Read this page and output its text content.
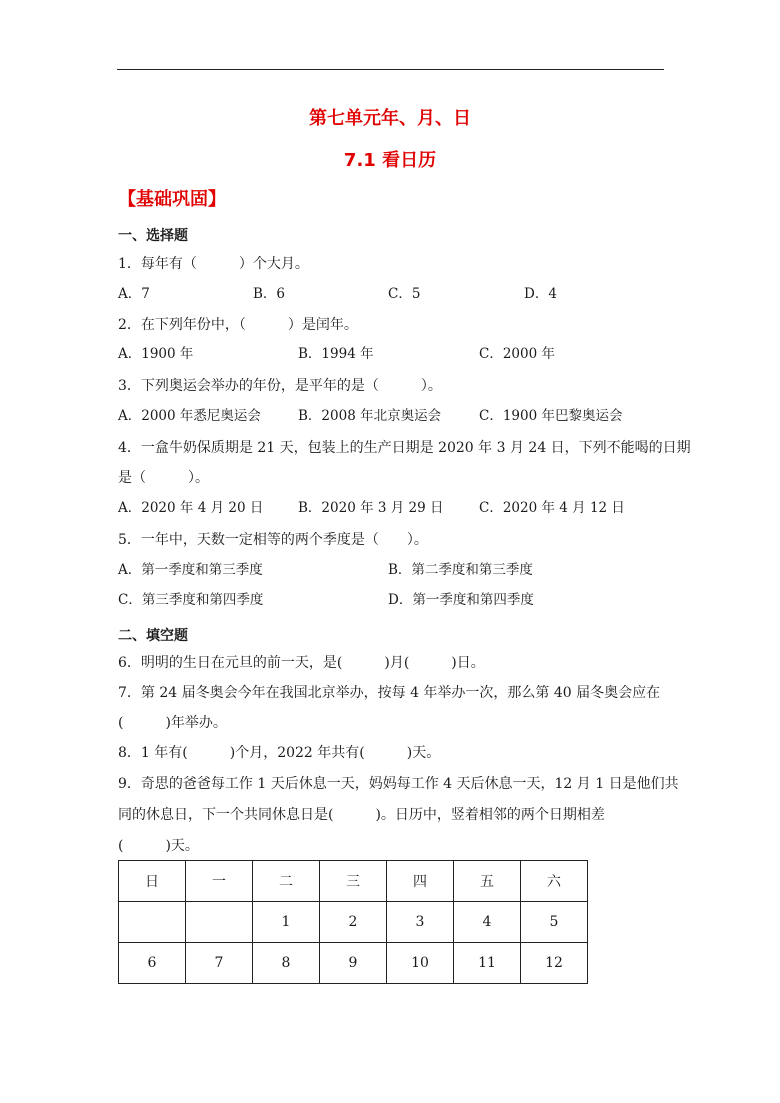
第七单元年、月、日
7.1 看日历
【基础巩固】
一、选择题
1．每年有（　　　）个大月。
A．7	B．6	C．5	D．4
2．在下列年份中，（　　　）是闰年。
A．1900 年	B．1994 年	C．2000 年
3．下列奥运会举办的年份，是平年的是（　　　）。
A．2000 年悉尼奥运会	B．2008 年北京奥运会	C．1900 年巴黎奥运会
4．一盒牛奶保质期是 21 天，包装上的生产日期是 2020 年 3 月 24 日，下列不能喝的日期
是（　　　）。
A．2020 年 4 月 20 日	B．2020 年 3 月 29 日	C．2020 年 4 月 12 日
5．一年中，天数一定相等的两个季度是（　　）。
A．第一季度和第三季度	B．第二季度和第三季度
C．第三季度和第四季度	D．第一季度和第四季度
二、填空题
6．明明的生日在元旦的前一天，是(　　　)月(　　　)日。
7．第 24 届冬奥会今年在我国北京举办，按每 4 年举办一次，那么第 40 届冬奥会应在
(　　　)年举办。
8．1 年有(　　　)个月，2022 年共有(　　　)天。
9．奇思的爸爸每工作 1 天后休息一天，妈妈每工作 4 天后休息一天，12 月 1 日是他们共
同的休息日，下一个共同休息日是(　　　)。日历中，竖着相邻的两个日期相差
(　　　)天。
日	一	二	三	四	五	六
		1	2	3	4	5
6	7	8	9	10	11	12
